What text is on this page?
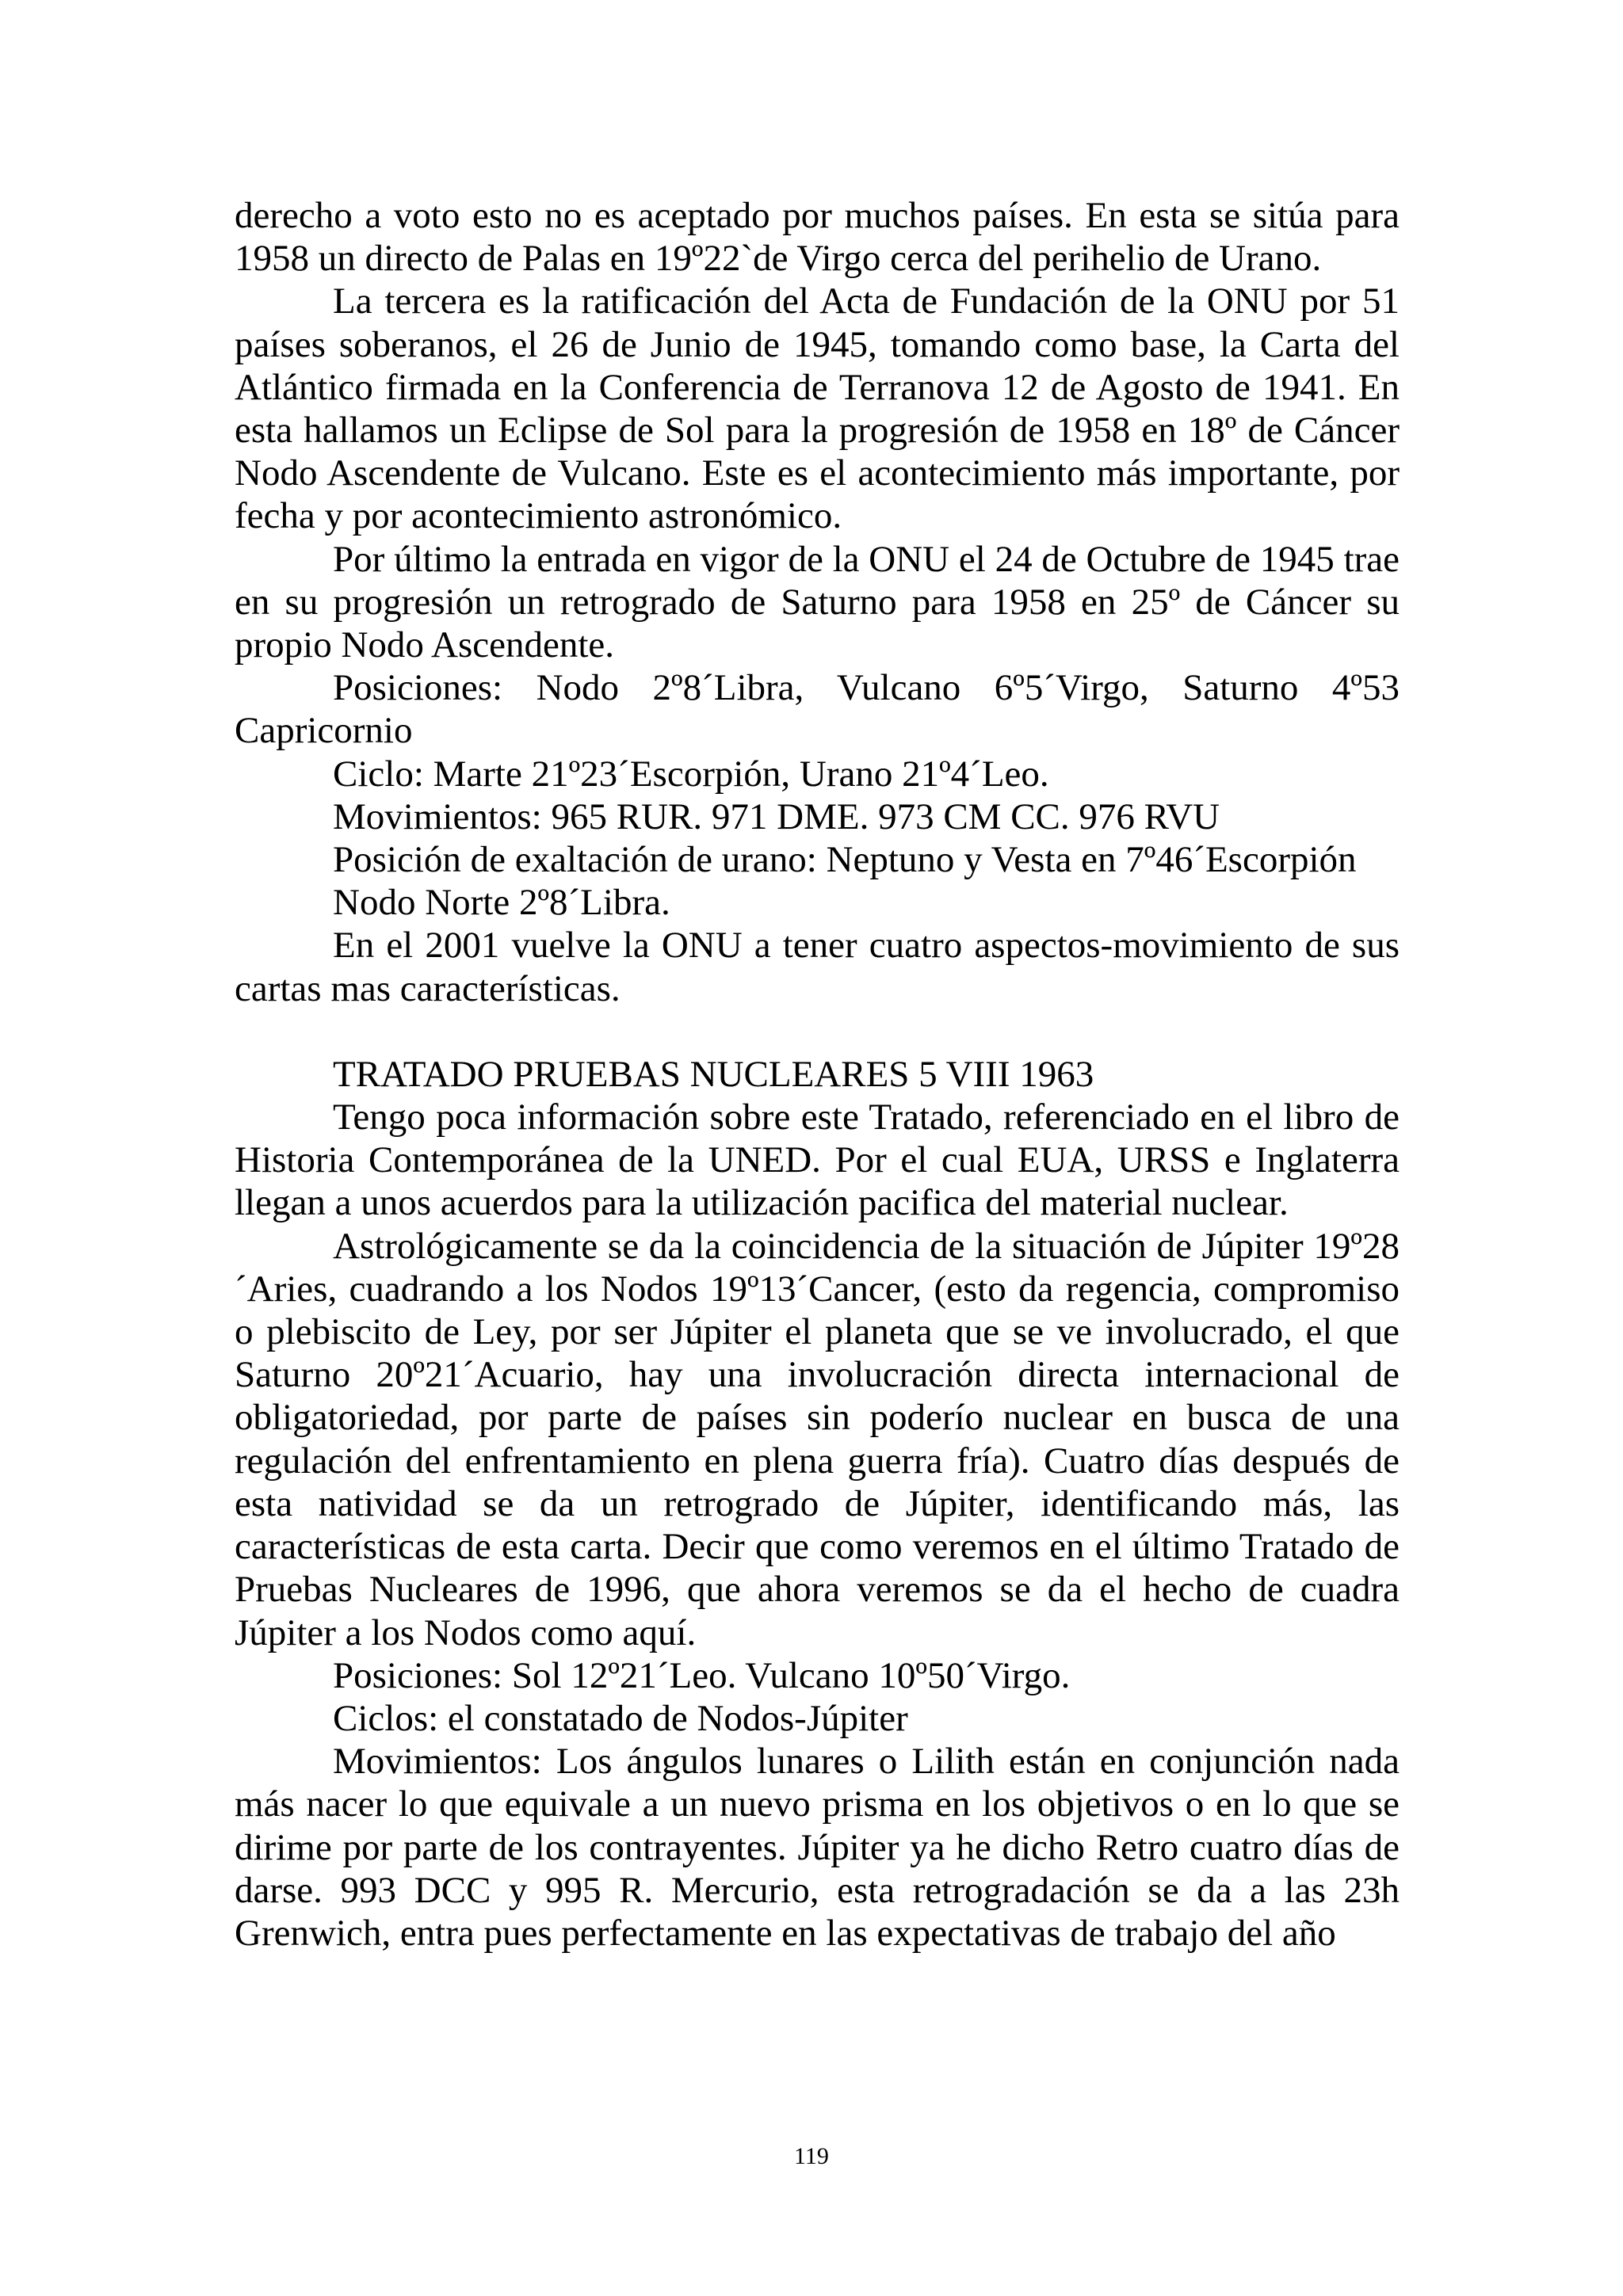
derecho a voto esto no es aceptado por muchos países. En esta se sitúa para 1958 un directo de Palas en 19º22`de Virgo cerca del perihelio de Urano.

La tercera es la ratificación del Acta de Fundación de la ONU por 51 países soberanos, el 26 de Junio de 1945, tomando como base, la Carta del Atlántico firmada en la Conferencia de Terranova 12 de Agosto de 1941. En esta hallamos un Eclipse de Sol para la progresión de 1958 en 18º de Cáncer Nodo Ascendente de Vulcano. Este es el acontecimiento más importante, por fecha y por acontecimiento astronómico.

Por último la entrada en vigor de la ONU el 24 de Octubre de 1945 trae en su progresión un retrogrado de Saturno para 1958 en 25º de Cáncer su propio Nodo Ascendente.

Posiciones: Nodo 2º8´Libra, Vulcano 6º5´Virgo, Saturno 4º53 Capricornio

Ciclo: Marte 21º23´Escorpión, Urano 21º4´Leo.

Movimientos: 965 RUR. 971 DME. 973 CM CC. 976 RVU

Posición de exaltación de urano: Neptuno y Vesta en 7º46´Escorpión

Nodo Norte 2º8´Libra.

En el 2001 vuelve la ONU a tener cuatro aspectos-movimiento de sus cartas mas características.

TRATADO PRUEBAS NUCLEARES 5 VIII 1963

Tengo poca información sobre este Tratado, referenciado en el libro de Historia Contemporánea de la UNED. Por el cual EUA, URSS e Inglaterra llegan a unos acuerdos para la utilización pacifica del material nuclear.

Astrológicamente se da la coincidencia de la situación de Júpiter 19º28´Aries, cuadrando a los Nodos 19º13´Cancer, (esto da regencia, compromiso o plebiscito de Ley, por ser Júpiter el planeta que se ve involucrado, el que Saturno 20º21´Acuario, hay una involucración directa internacional de obligatoriedad, por parte de países sin poderío nuclear en busca de una regulación del enfrentamiento en plena guerra fría). Cuatro días después de esta natividad se da un retrogrado de Júpiter, identificando más, las características de esta carta. Decir que como veremos en el último Tratado de Pruebas Nucleares de 1996, que ahora veremos se da el hecho de cuadra Júpiter a los Nodos como aquí.

Posiciones: Sol 12º21´Leo. Vulcano 10º50´Virgo.

Ciclos: el constatado de Nodos-Júpiter

Movimientos: Los ángulos lunares o Lilith están en conjunción nada más nacer lo que equivale a un nuevo prisma en los objetivos o en lo que se dirime por parte de los contrayentes. Júpiter ya he dicho Retro cuatro días de darse. 993 DCC y 995 R. Mercurio, esta retrogradación se da a las 23h Grenwich, entra pues perfectamente en las expectativas de trabajo del año

119
